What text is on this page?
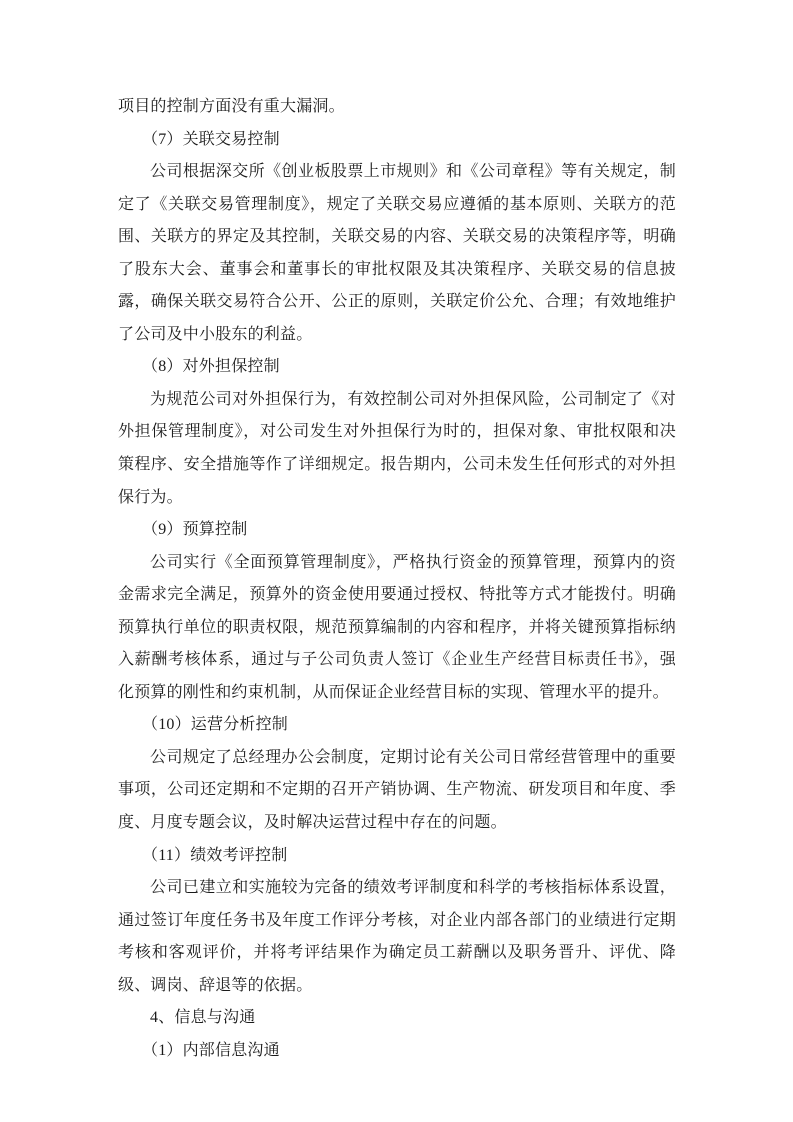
项目的控制方面没有重大漏洞。

（7）关联交易控制

公司根据深交所《创业板股票上市规则》和《公司章程》等有关规定，制定了《关联交易管理制度》，规定了关联交易应遵循的基本原则、关联方的范围、关联方的界定及其控制，关联交易的内容、关联交易的决策程序等，明确了股东大会、董事会和董事长的审批权限及其决策程序、关联交易的信息披露，确保关联交易符合公开、公正的原则，关联定价公允、合理；有效地维护了公司及中小股东的利益。

（8）对外担保控制

为规范公司对外担保行为，有效控制公司对外担保风险，公司制定了《对外担保管理制度》，对公司发生对外担保行为时的，担保对象、审批权限和决策程序、安全措施等作了详细规定。报告期内，公司未发生任何形式的对外担保行为。

（9）预算控制

公司实行《全面预算管理制度》，严格执行资金的预算管理，预算内的资金需求完全满足，预算外的资金使用要通过授权、特批等方式才能拨付。明确预算执行单位的职责权限，规范预算编制的内容和程序，并将关键预算指标纳入薪酬考核体系，通过与子公司负责人签订《企业生产经营目标责任书》，强化预算的刚性和约束机制，从而保证企业经营目标的实现、管理水平的提升。

（10）运营分析控制

公司规定了总经理办公会制度，定期讨论有关公司日常经营管理中的重要事项，公司还定期和不定期的召开产销协调、生产物流、研发项目和年度、季度、月度专题会议，及时解决运营过程中存在的问题。

（11）绩效考评控制

公司已建立和实施较为完备的绩效考评制度和科学的考核指标体系设置，通过签订年度任务书及年度工作评分考核，对企业内部各部门的业绩进行定期考核和客观评价，并将考评结果作为确定员工薪酬以及职务晋升、评优、降级、调岗、辞退等的依据。

4、信息与沟通

（1）内部信息沟通
